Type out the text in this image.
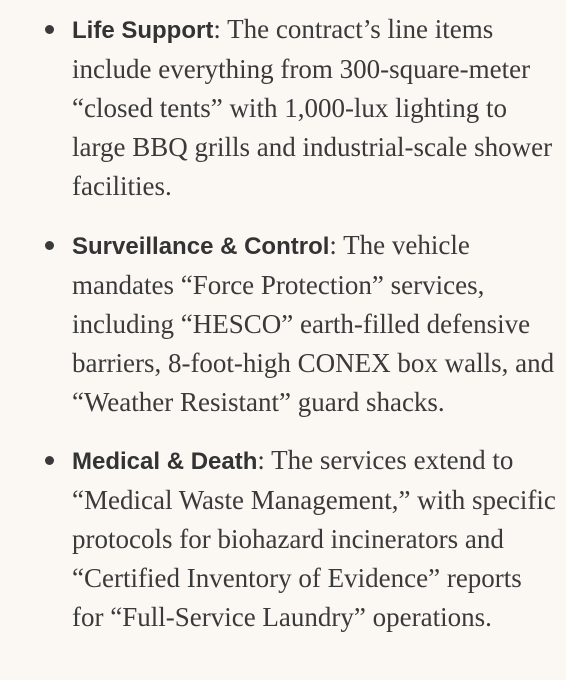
Life Support: The contract’s line items include everything from 300-square-meter “closed tents” with 1,000-lux lighting to large BBQ grills and industrial-scale shower facilities.
Surveillance & Control: The vehicle mandates “Force Protection” services, including “HESCO” earth-filled defensive barriers, 8-foot-high CONEX box walls, and “Weather Resistant” guard shacks.
Medical & Death: The services extend to “Medical Waste Management,” with specific protocols for biohazard incinerators and “Certified Inventory of Evidence” reports for “Full-Service Laundry” operations.
